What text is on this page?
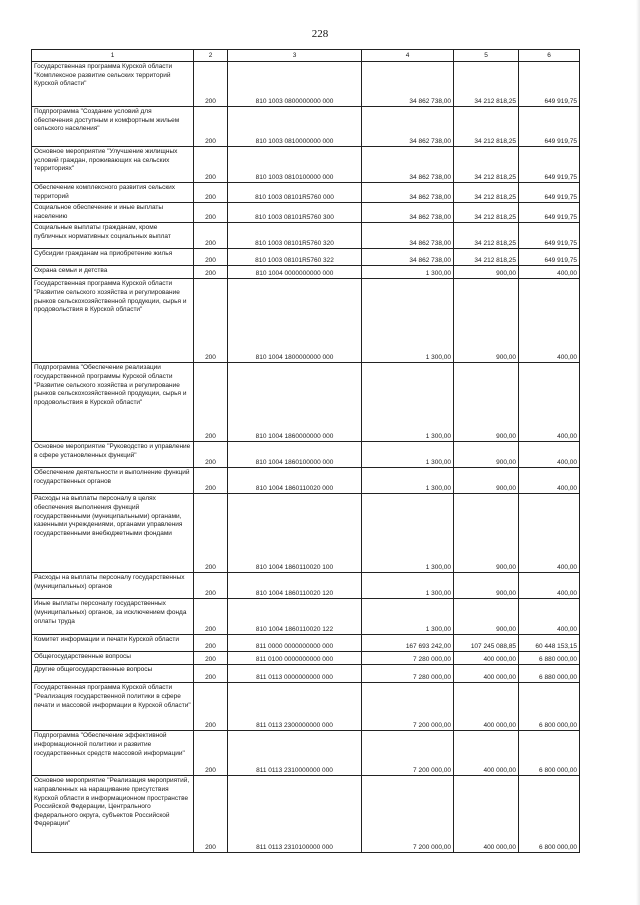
228
1	2	3	4	5	6
Государственная программа Курской области "Комплексное развитие сельских территорий Курской области"	200	810 1003 0800000000 000	34 862 738,00	34 212 818,25	649 919,75
Подпрограмма "Создание условий для обеспечения доступным и комфортным жильем сельского населения"	200	810 1003 0810000000 000	34 862 738,00	34 212 818,25	649 919,75
Основное мероприятие "Улучшение жилищных условий граждан, проживающих на сельских территориях"	200	810 1003 0810100000 000	34 862 738,00	34 212 818,25	649 919,75
Обеспечение комплексного развития сельских территорий	200	810 1003 08101R5760 000	34 862 738,00	34 212 818,25	649 919,75
Социальное обеспечение и иные выплаты населению	200	810 1003 08101R5760 300	34 862 738,00	34 212 818,25	649 919,75
Социальные выплаты гражданам, кроме публичных нормативных социальных выплат	200	810 1003 08101R5760 320	34 862 738,00	34 212 818,25	649 919,75
Субсидии гражданам на приобретение жилья	200	810 1003 08101R5760 322	34 862 738,00	34 212 818,25	649 919,75
Охрана семьи и детства	200	810 1004 0000000000 000	1 300,00	900,00	400,00
Государственная программа Курской области "Развитие сельского хозяйства и регулирование рынков сельскохозяйственной продукции, сырья и продовольствия в Курской области"	200	810 1004 1800000000 000	1 300,00	900,00	400,00
Подпрограмма "Обеспечение реализации государственной программы Курской области "Развитие сельского хозяйства и регулирование рынков сельскохозяйственной продукции, сырья и продовольствия в Курской области"	200	810 1004 1860000000 000	1 300,00	900,00	400,00
Основное мероприятие "Руководство и управление в сфере установленных функций"	200	810 1004 1860100000 000	1 300,00	900,00	400,00
Обеспечение деятельности и выполнение функций государственных органов	200	810 1004 1860110020 000	1 300,00	900,00	400,00
Расходы на выплаты персоналу в целях обеспечения выполнения функций государственными (муниципальными) органами, казенными учреждениями, органами управления государственными внебюджетными фондами	200	810 1004 1860110020 100	1 300,00	900,00	400,00
Расходы на выплаты персоналу государственных (муниципальных) органов	200	810 1004 1860110020 120	1 300,00	900,00	400,00
Иные выплаты персоналу государственных (муниципальных) органов, за исключением фонда оплаты труда	200	810 1004 1860110020 122	1 300,00	900,00	400,00
Комитет информации и печати Курской области	200	811 0000 0000000000 000	167 693 242,00	107 245 088,85	60 448 153,15
Общегосударственные вопросы	200	811 0100 0000000000 000	7 280 000,00	400 000,00	6 880 000,00
Другие общегосударственные вопросы	200	811 0113 0000000000 000	7 280 000,00	400 000,00	6 880 000,00
Государственная программа Курской области "Реализация государственной политики в сфере печати и массовой информации в Курской области"	200	811 0113 2300000000 000	7 200 000,00	400 000,00	6 800 000,00
Подпрограмма "Обеспечение эффективной информационной политики и развитие государственных средств массовой информации"	200	811 0113 2310000000 000	7 200 000,00	400 000,00	6 800 000,00
Основное мероприятие "Реализация мероприятий, направленных на наращивание присутствия Курской области в информационном пространстве Российской Федерации, Центрального федерального округа, субъектов Российской Федерации"	200	811 0113 2310100000 000	7 200 000,00	400 000,00	6 800 000,00
